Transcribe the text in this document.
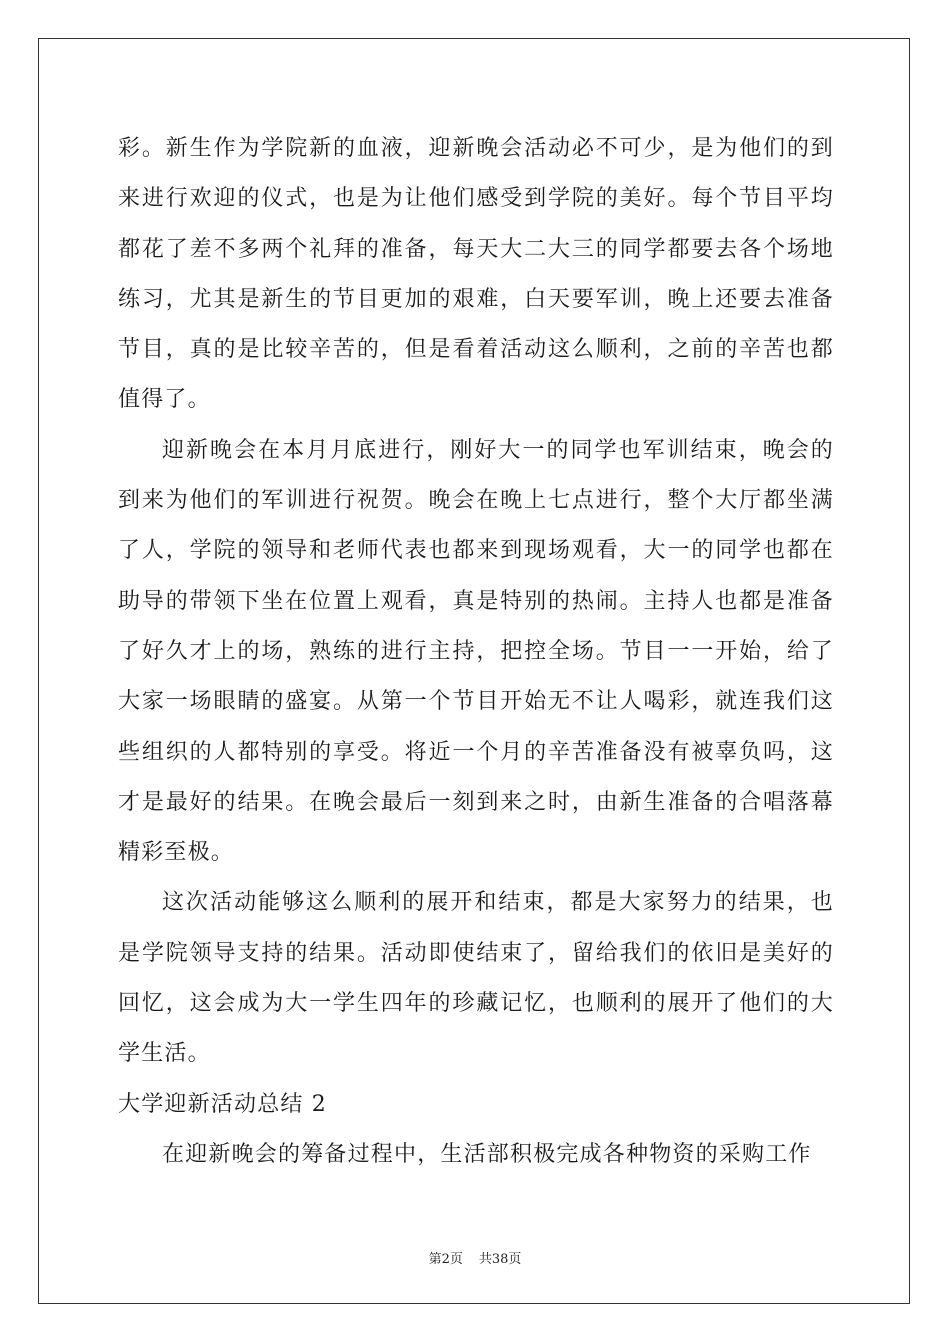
彩。新生作为学院新的血液，迎新晚会活动必不可少，是为他们的到来进行欢迎的仪式，也是为让他们感受到学院的美好。每个节目平均都花了差不多两个礼拜的准备，每天大二大三的同学都要去各个场地练习，尤其是新生的节目更加的艰难，白天要军训，晚上还要去准备节目，真的是比较辛苦的，但是看着活动这么顺利，之前的辛苦也都值得了。

迎新晚会在本月月底进行，刚好大一的同学也军训结束，晚会的到来为他们的军训进行祝贺。晚会在晚上七点进行，整个大厅都坐满了人，学院的领导和老师代表也都来到现场观看，大一的同学也都在助导的带领下坐在位置上观看，真是特别的热闹。主持人也都是准备了好久才上的场，熟练的进行主持，把控全场。节目一一开始，给了大家一场眼睛的盛宴。从第一个节目开始无不让人喝彩，就连我们这些组织的人都特别的享受。将近一个月的辛苦准备没有被辜负吗，这才是最好的结果。在晚会最后一刻到来之时，由新生准备的合唱落幕精彩至极。

这次活动能够这么顺利的展开和结束，都是大家努力的结果，也是学院领导支持的结果。活动即使结束了，留给我们的依旧是美好的回忆，这会成为大一学生四年的珍藏记忆，也顺利的展开了他们的大学生活。

大学迎新活动总结 2

在迎新晚会的筹备过程中，生活部积极完成各种物资的采购工作

第2页 共38页
